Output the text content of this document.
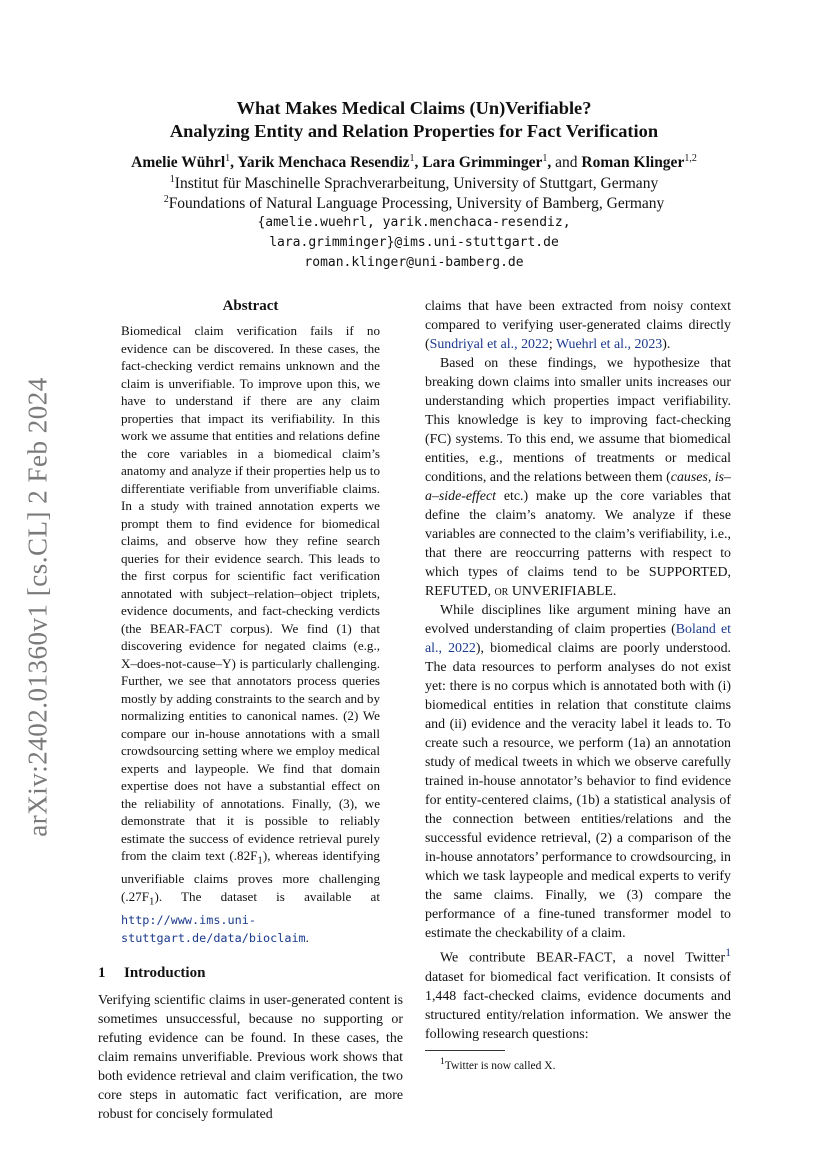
arXiv:2402.01360v1 [cs.CL] 2 Feb 2024
What Makes Medical Claims (Un)Verifiable?
Analyzing Entity and Relation Properties for Fact Verification
Amelie Wührl$^1$, Yarik Menchaca Resendiz$^1$, Lara Grimminger$^1$, and Roman Klinger$^{1,2}$
$^1$Institut für Maschinelle Sprachverarbeitung, University of Stuttgart, Germany
$^2$Foundations of Natural Language Processing, University of Bamberg, Germany
{amelie.wuehrl, yarik.menchaca-resendiz,
lara.grimminger}@ims.uni-stuttgart.de
roman.klinger@uni-bamberg.de
Abstract

Biomedical claim verification fails if no evidence can be discovered. In these cases, the fact-checking verdict remains unknown and the claim is unverifiable. To improve upon this, we have to understand if there are any claim properties that impact its verifiability. In this work we assume that entities and relations define the core variables in a biomedical claim’s anatomy and analyze if their properties help us to differentiate verifiable from unverifiable claims. In a study with trained annotation experts we prompt them to find evidence for biomedical claims, and observe how they refine search queries for their evidence search. This leads to the first corpus for scientific fact verification annotated with subject–relation–object triplets, evidence documents, and fact-checking verdicts (the BEAR-FACT corpus). We find (1) that discovering evidence for negated claims (e.g., X–does-not-cause–Y) is particularly challenging. Further, we see that annotators process queries mostly by adding constraints to the search and by normalizing entities to canonical names. (2) We compare our in-house annotations with a small crowdsourcing setting where we employ medical experts and laypeople. We find that domain expertise does not have a substantial effect on the reliability of annotations. Finally, (3), we demonstrate that it is possible to reliably estimate the success of evidence retrieval purely from the claim text $(.82F_1)$, whereas identifying unverifiable claims proves more challenging $(.27F_1)$. The dataset is available at http://www.ims.uni-stuttgart.de/data/bioclaim.

1 Introduction

Verifying scientific claims in user-generated content is sometimes unsuccessful, because no supporting or refuting evidence can be found. In these cases, the claim remains unverifiable. Previous work shows that both evidence retrieval and claim verification, the two core steps in automatic fact verification, are more robust for concisely formulated

claims that have been extracted from noisy context compared to verifying user-generated claims directly (Sundriyal et al., 2022; Wuehrl et al., 2023).

Based on these findings, we hypothesize that breaking down claims into smaller units increases our understanding which properties impact verifiability. This knowledge is key to improving fact-checking (FC) systems. To this end, we assume that biomedical entities, e.g., mentions of treatments or medical conditions, and the relations between them (causes, is–a–side-effect etc.) make up the core variables that define the claim’s anatomy. We analyze if these variables are connected to the claim’s verifiability, i.e., that there are reoccurring patterns with respect to which types of claims tend to be SUPPORTED, REFUTED, or UNVERIFIABLE.

While disciplines like argument mining have an evolved understanding of claim properties (Boland et al., 2022), biomedical claims are poorly understood. The data resources to perform analyses do not exist yet: there is no corpus which is annotated both with (i) biomedical entities in relation that constitute claims and (ii) evidence and the veracity label it leads to. To create such a resource, we perform (1a) an annotation study of medical tweets in which we observe carefully trained in-house annotator’s behavior to find evidence for entity-centered claims, (1b) a statistical analysis of the connection between entities/relations and the successful evidence retrieval, (2) a comparison of the in-house annotators’ performance to crowdsourcing, in which we task laypeople and medical experts to verify the same claims. Finally, we (3) compare the performance of a fine-tuned transformer model to estimate the checkability of a claim.

We contribute BEAR-FACT, a novel Twitter$^1$ dataset for biomedical fact verification. It consists of 1,448 fact-checked claims, evidence documents and structured entity/relation information. We answer the following research questions:

$^1$Twitter is now called X.
